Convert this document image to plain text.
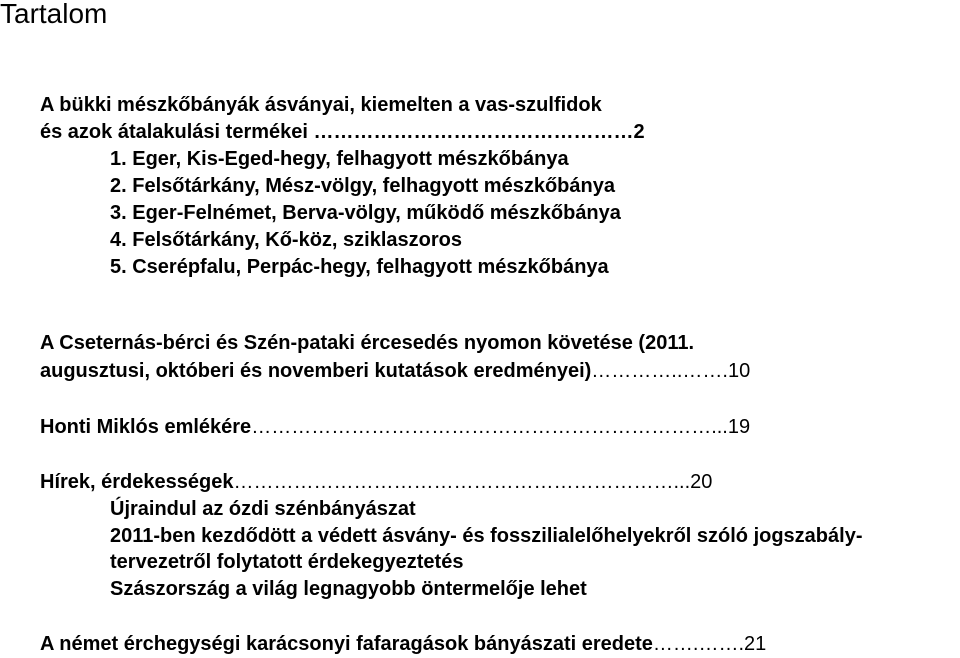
Tartalom
A bükki mészkőbányák ásványai, kiemelten a vas-szulfidok
és azok átalakulási termékei …………………………………………2
1. Eger, Kis-Eged-hegy, felhagyott mészkőbánya
2. Felsőtárkány, Mész-völgy, felhagyott mészkőbánya
3. Eger-Felnémet, Berva-völgy, működő mészkőbánya
4. Felsőtárkány, Kő-köz, sziklaszoros
5. Cserépfalu, Perpác-hegy, felhagyott mészkőbánya
A Cseternás-bérci és Szén-pataki ércesedés nyomon követése (2011.
augusztusi, októberi és novemberi kutatások eredményei)…………..…….10
Honti Miklós emlékére……………………………………………………………...19
Hírek, érdekességek…………………………………………………………...20
Újraindul az ózdi szénbányászat
2011-ben kezdődött a védett ásvány- és fosszilialelőhelyekről szóló jogszabály-
tervezetről folytatott érdekegyeztetés
Szászország a világ legnagyobb öntermelője lehet
A német érchegységi karácsonyi fafaragások bányászati eredete…….…….21
